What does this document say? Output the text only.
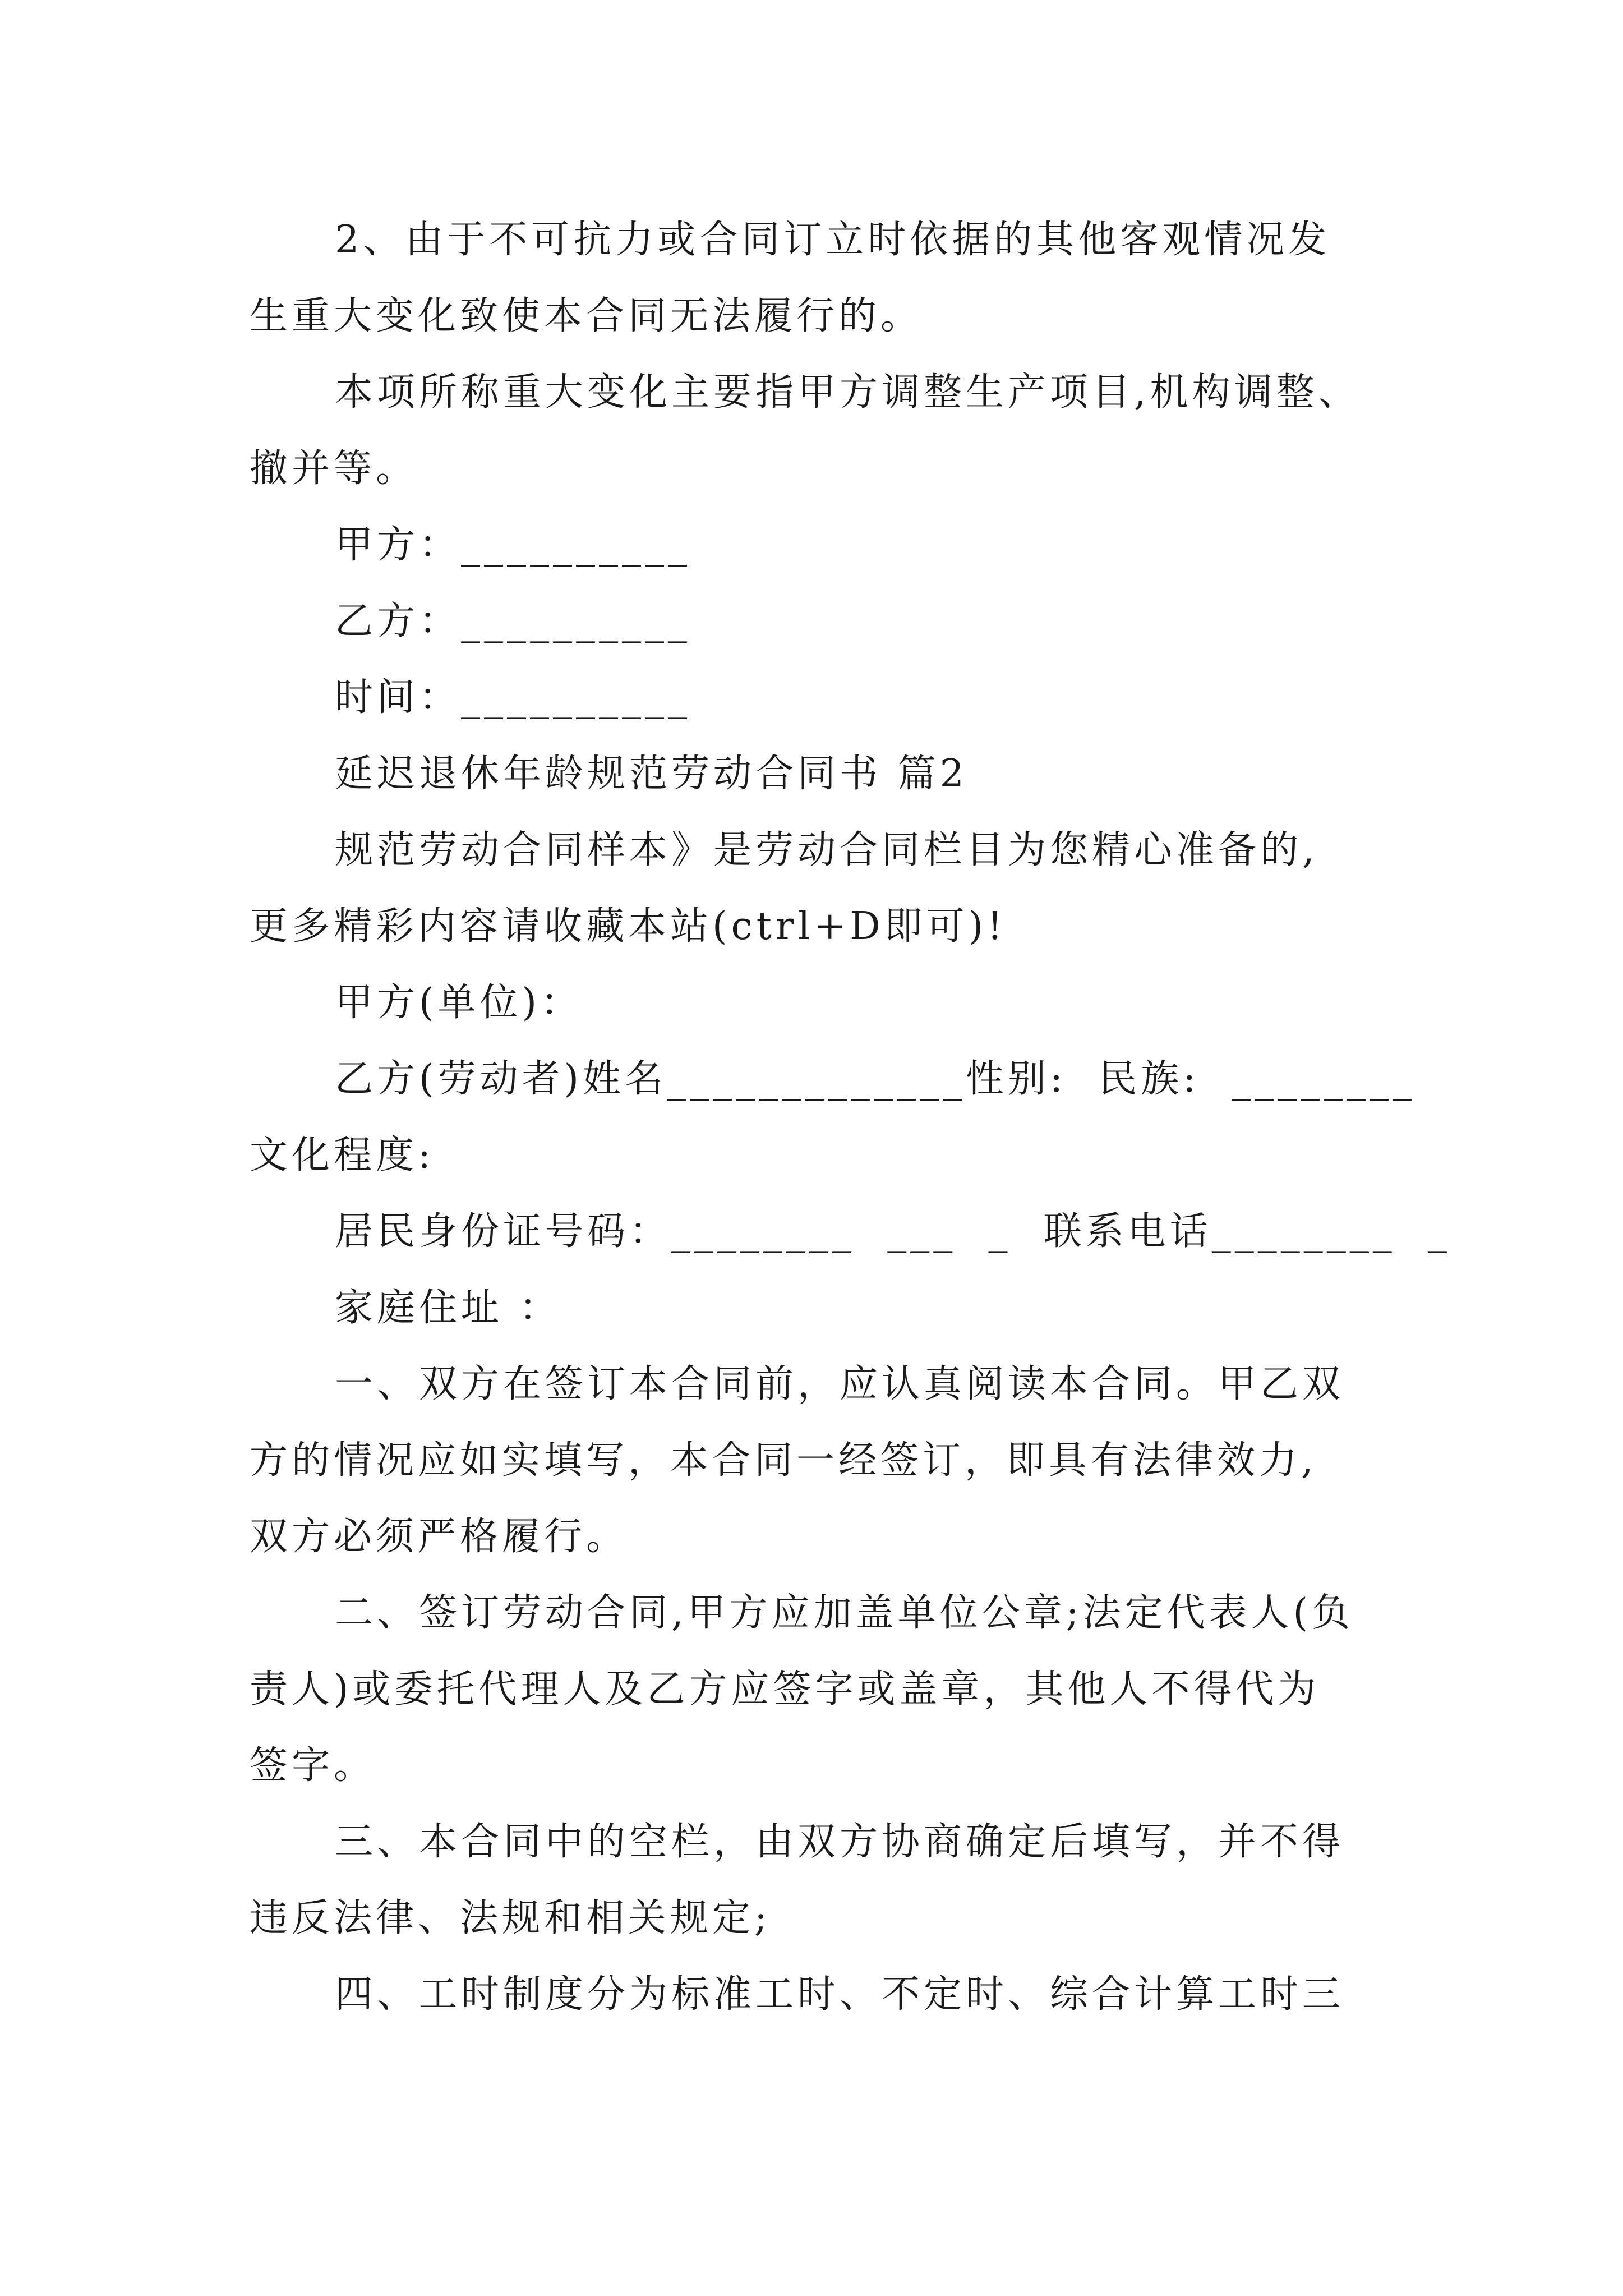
2、由于不可抗力或合同订立时依据的其他客观情况发

生重大变化致使本合同无法履行的。

本项所称重大变化主要指甲方调整生产项目,机构调整、

撤并等。

甲方：__________

乙方：__________

时间：__________

延迟退休年龄规范劳动合同书 篇2

规范劳动合同样本》是劳动合同栏目为您精心准备的,

更多精彩内容请收藏本站(ctrl+D即可)!

甲方(单位)：

乙方(劳动者)姓名_____________性别:  民族:  ________

文化程度:

居民身份证号码：________  ___  _  联系电话________  _

家庭住址 ：

一、双方在签订本合同前，应认真阅读本合同。甲乙双

方的情况应如实填写，本合同一经签订，即具有法律效力,

双方必须严格履行。

二、签订劳动合同,甲方应加盖单位公章;法定代表人(负

责人)或委托代理人及乙方应签字或盖章，其他人不得代为

签字。

三、本合同中的空栏，由双方协商确定后填写，并不得

违反法律、法规和相关规定;

四、工时制度分为标准工时、不定时、综合计算工时三
